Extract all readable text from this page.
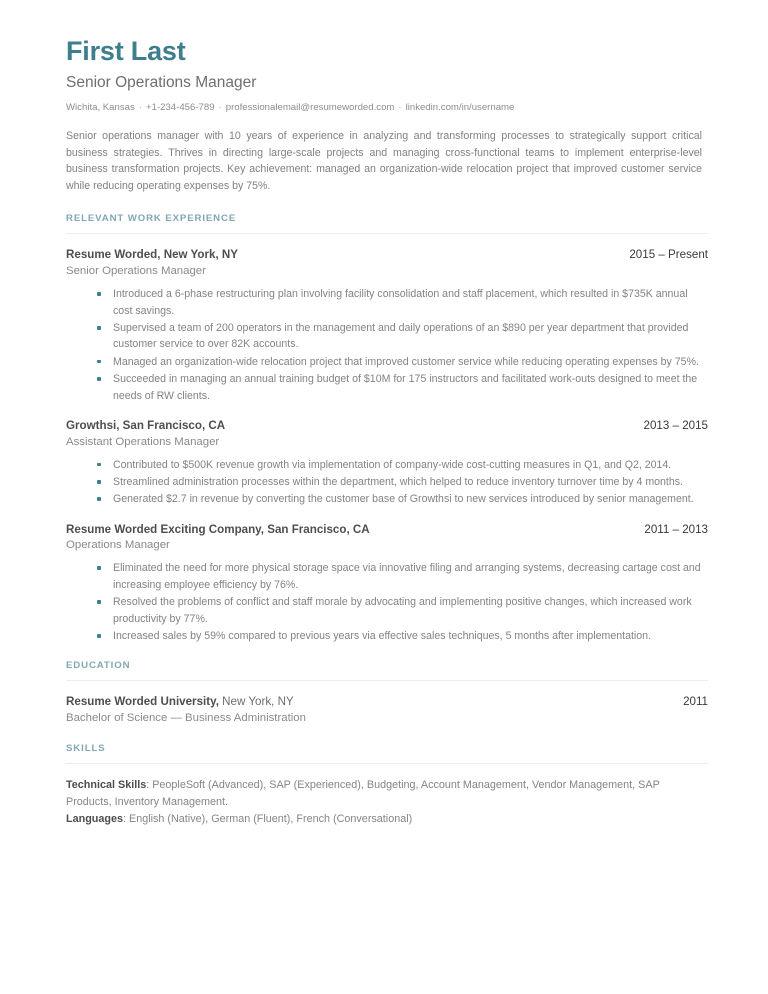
First Last
Senior Operations Manager
Wichita, Kansas · +1-234-456-789 · professionalemail@resumeworded.com · linkedin.com/in/username

Senior operations manager with 10 years of experience in analyzing and transforming processes to strategically support critical business strategies. Thrives in directing large-scale projects and managing cross-functional teams to implement enterprise-level business transformation projects. Key achievement: managed an organization-wide relocation project that improved customer service while reducing operating expenses by 75%.

RELEVANT WORK EXPERIENCE
Resume Worded, New York, NY	2015 – Present
Senior Operations Manager
Introduced a 6-phase restructuring plan involving facility consolidation and staff placement, which resulted in $735K annual cost savings.
Supervised a team of 200 operators in the management and daily operations of an $890 per year department that provided customer service to over 82K accounts.
Managed an organization-wide relocation project that improved customer service while reducing operating expenses by 75%.
Succeeded in managing an annual training budget of $10M for 175 instructors and facilitated work-outs designed to meet the needs of RW clients.
Growthsi, San Francisco, CA	2013 – 2015
Assistant Operations Manager
Contributed to $500K revenue growth via implementation of company-wide cost-cutting measures in Q1, and Q2, 2014.
Streamlined administration processes within the department, which helped to reduce inventory turnover time by 4 months.
Generated $2.7 in revenue by converting the customer base of Growthsi to new services introduced by senior management.
Resume Worded Exciting Company, San Francisco, CA	2011 – 2013
Operations Manager
Eliminated the need for more physical storage space via innovative filing and arranging systems, decreasing cartage cost and increasing employee efficiency by 76%.
Resolved the problems of conflict and staff morale by advocating and implementing positive changes, which increased work productivity by 77%.
Increased sales by 59% compared to previous years via effective sales techniques, 5 months after implementation.
EDUCATION
Resume Worded University, New York, NY	2011
Bachelor of Science — Business Administration
SKILLS
Technical Skills: PeopleSoft (Advanced), SAP (Experienced), Budgeting, Account Management, Vendor Management, SAP Products, Inventory Management.
Languages: English (Native), German (Fluent), French (Conversational)
